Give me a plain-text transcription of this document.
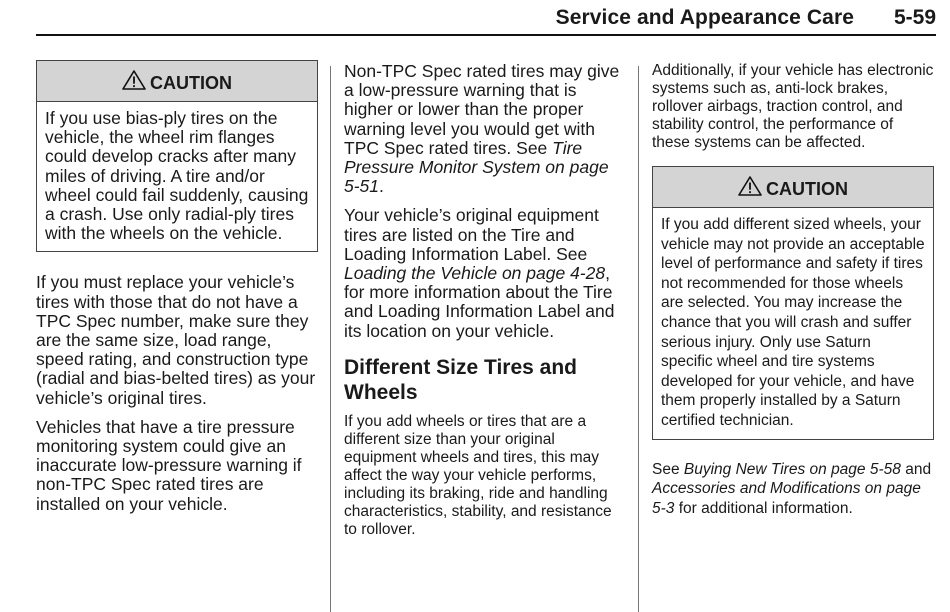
Service and Appearance Care 5-59
CAUTION

If you use bias-ply tires on the vehicle, the wheel rim flanges could develop cracks after many miles of driving. A tire and/or wheel could fail suddenly, causing a crash. Use only radial-ply tires with the wheels on the vehicle.

If you must replace your vehicle’s tires with those that do not have a TPC Spec number, make sure they are the same size, load range, speed rating, and construction type (radial and bias-belted tires) as your vehicle’s original tires.

Vehicles that have a tire pressure monitoring system could give an inaccurate low-pressure warning if non-TPC Spec rated tires are installed on your vehicle.

Non-TPC Spec rated tires may give a low-pressure warning that is higher or lower than the proper warning level you would get with TPC Spec rated tires. See Tire Pressure Monitor System on page 5-51.

Your vehicle’s original equipment tires are listed on the Tire and Loading Information Label. See Loading the Vehicle on page 4-28, for more information about the Tire and Loading Information Label and its location on your vehicle.

Different Size Tires and Wheels

If you add wheels or tires that are a different size than your original equipment wheels and tires, this may affect the way your vehicle performs, including its braking, ride and handling characteristics, stability, and resistance to rollover.

Additionally, if your vehicle has electronic systems such as, anti-lock brakes, rollover airbags, traction control, and stability control, the performance of these systems can be affected.

CAUTION

If you add different sized wheels, your vehicle may not provide an acceptable level of performance and safety if tires not recommended for those wheels are selected. You may increase the chance that you will crash and suffer serious injury. Only use Saturn specific wheel and tire systems developed for your vehicle, and have them properly installed by a Saturn certified technician.

See Buying New Tires on page 5-58 and Accessories and Modifications on page 5-3 for additional information.
